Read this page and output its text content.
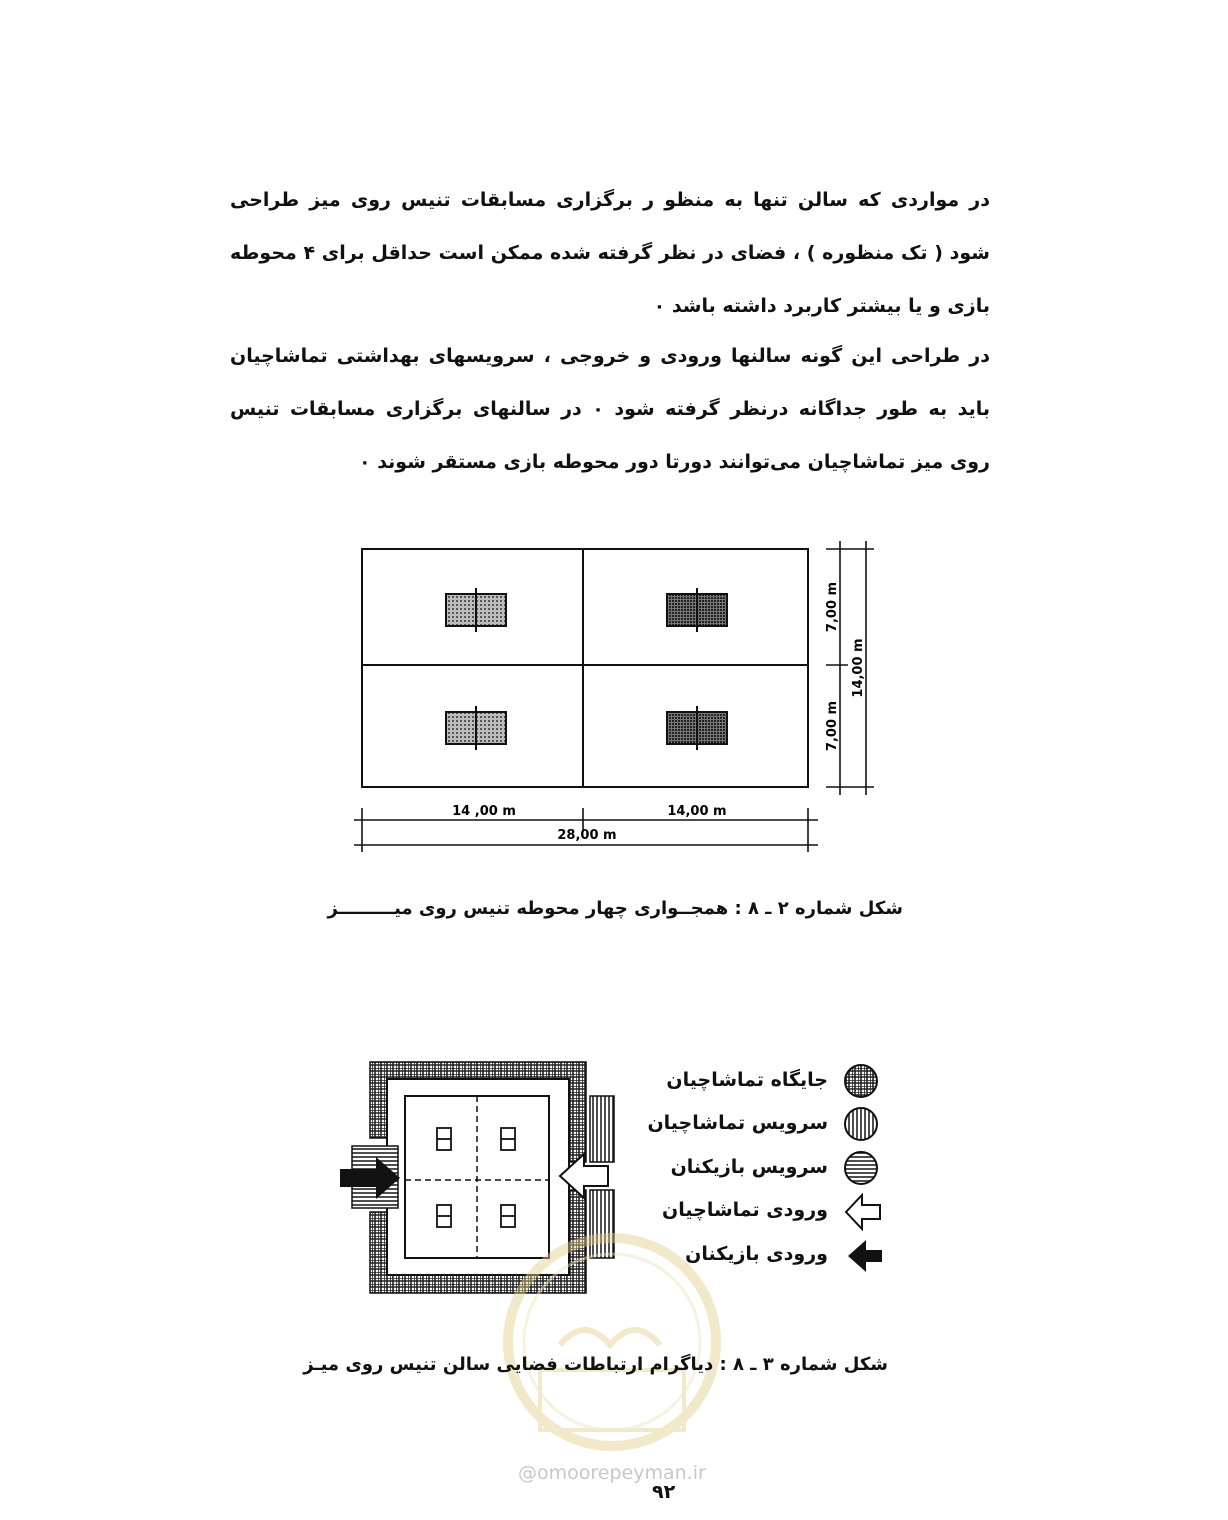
در مواردی که سالن تنها به منظو ر برگزاری مسابقات تنیس روی میز طراحی شود ( تک منظوره ) ، فضای در نظر گرفته شده ممکن است حداقل برای ۴ محوطه بازی و یا بیشتر کاربرد داشته باشد ۰

در طراحی این گونه سالنها ورودی و خروجی ، سرویسهای بهداشتی تماشاچیان باید به طور جداگانه درنظر گرفته شود ۰ در سالنهای برگزاری مسابقات تنیس روی میز تماشاچیان می‌توانند دورتا دور محوطه بازی مستقر شوند ۰

14 ,00 m	14,00 m
28,00 m
7,00 m
7,00 m
14,00 m
شکل شماره ۲ ـ ۸ : همجــواری چهار محوطه تنیس روی میـــــــــز
جایگاه تماشاچیان
سرویس تماشاچیان
سرویس بازیکنان
ورودی تماشاچیان
ورودی بازیکنان
شکل شماره ۳ ـ ۸ : دیاگرام ارتباطات فضایی سالن تنیس روی میـز
@omoorepeyman.ir
۹۲
